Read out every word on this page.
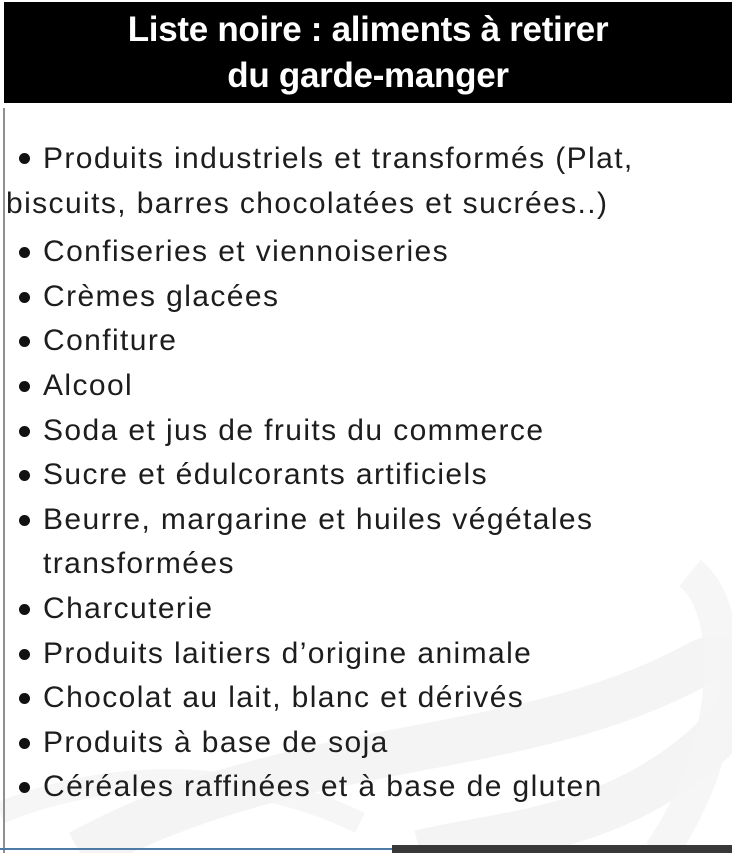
Liste noire : aliments à retirer
du garde-manger
Produits industriels et transformés (Plat, biscuits, barres chocolatées et sucrées..)
Confiseries et viennoiseries
Crèmes glacées
Confiture
Alcool
Soda et jus de fruits du commerce
Sucre et édulcorants artificiels
Beurre, margarine et huiles végétales transformées
Charcuterie
Produits laitiers d’origine animale
Chocolat au lait, blanc et dérivés
Produits à base de soja
Céréales raffinées et à base de gluten
